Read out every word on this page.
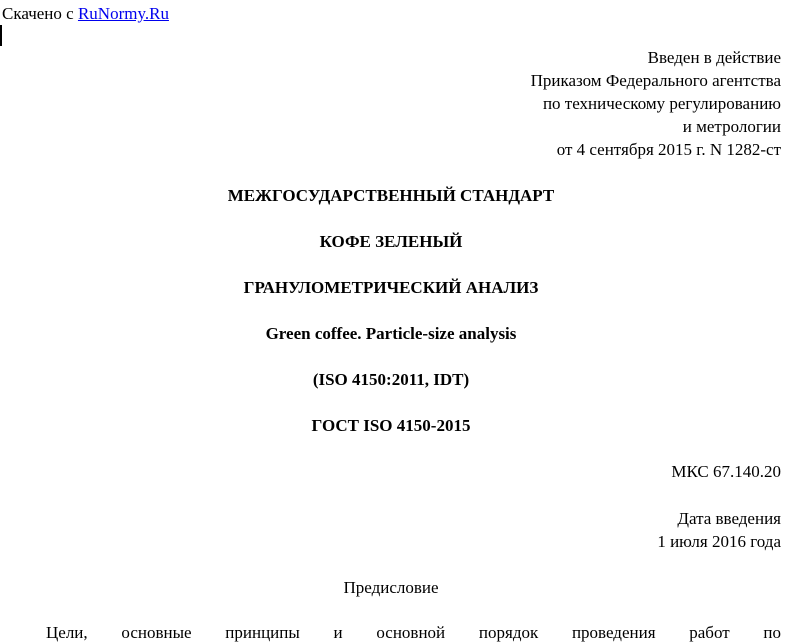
Скачено с RuNormy.Ru
Введен в действие
Приказом Федерального агентства
по техническому регулированию
и метрологии
от 4 сентября 2015 г. N 1282-ст
МЕЖГОСУДАРСТВЕННЫЙ СТАНДАРТ
КОФЕ ЗЕЛЕНЫЙ
ГРАНУЛОМЕТРИЧЕСКИЙ АНАЛИЗ
Green coffee. Particle-size analysis
(ISO 4150:2011, IDT)
ГОСТ ISO 4150-2015
МКС 67.140.20
Дата введения
1 июля 2016 года
Предисловие
Цели, основные принципы и основной порядок проведения работ по
